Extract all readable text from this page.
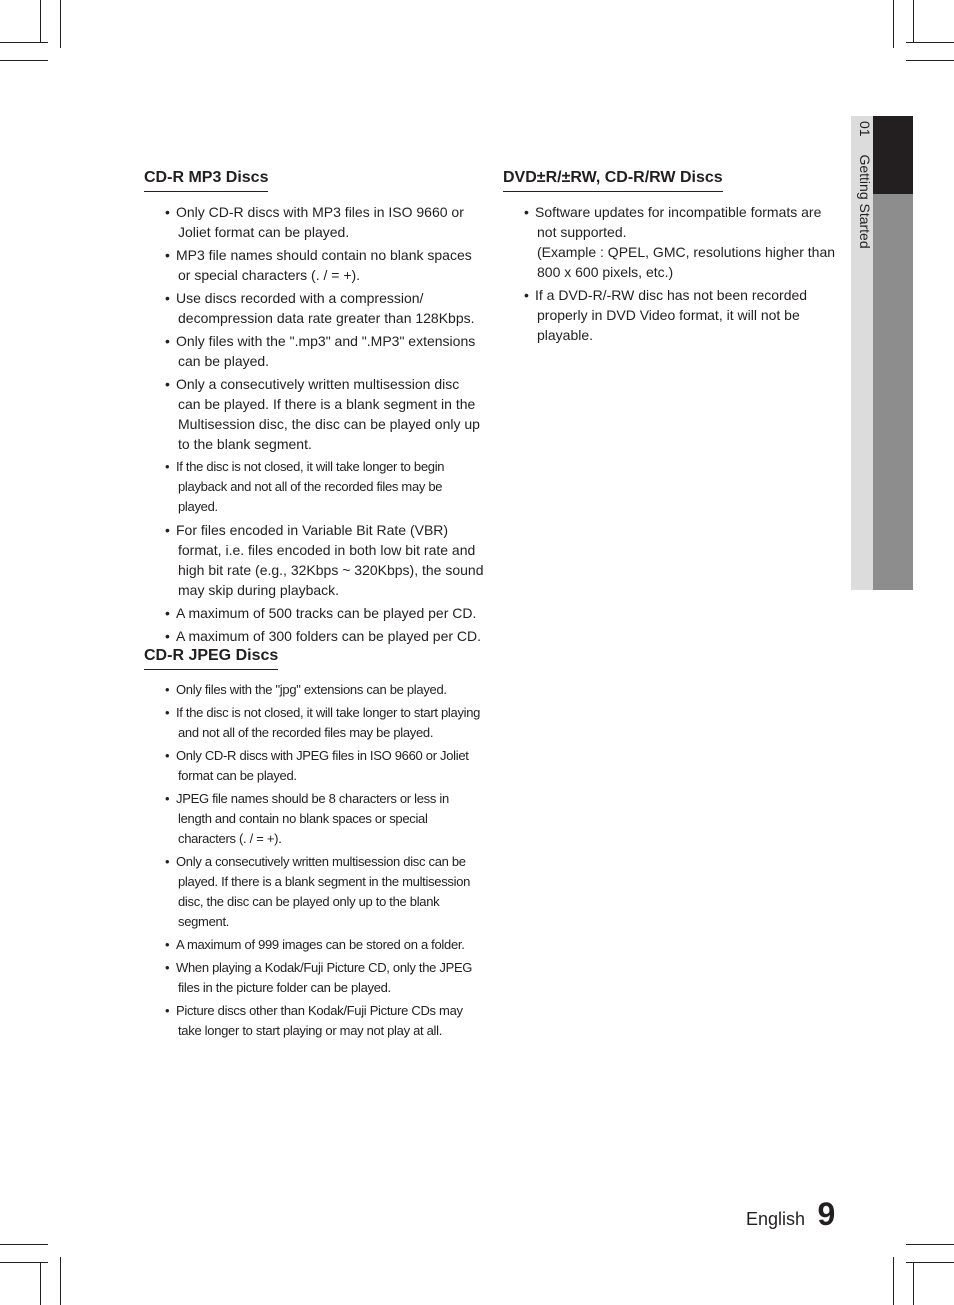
01 Getting Started
CD-R MP3 Discs
• Only CD-R discs with MP3 files in ISO 9660 or Joliet format can be played.
• MP3 file names should contain no blank spaces or special characters (. / = +).
• Use discs recorded with a compression/ decompression data rate greater than 128Kbps.
• Only files with the ".mp3" and ".MP3" extensions can be played.
• Only a consecutively written multisession disc can be played. If there is a blank segment in the Multisession disc, the disc can be played only up to the blank segment.
• If the disc is not closed, it will take longer to begin playback and not all of the recorded files may be played.
• For files encoded in Variable Bit Rate (VBR) format, i.e. files encoded in both low bit rate and high bit rate (e.g., 32Kbps ~ 320Kbps), the sound may skip during playback.
• A maximum of 500 tracks can be played per CD.
• A maximum of 300 folders can be played per CD.
CD-R JPEG Discs
• Only files with the "jpg" extensions can be played.
• If the disc is not closed, it will take longer to start playing and not all of the recorded files may be played.
• Only CD-R discs with JPEG files in ISO 9660 or Joliet format can be played.
• JPEG file names should be 8 characters or less in length and contain no blank spaces or special characters (. / = +).
• Only a consecutively written multisession disc can be played. If there is a blank segment in the multisession disc, the disc can be played only up to the blank segment.
• A maximum of 999 images can be stored on a folder.
• When playing a Kodak/Fuji Picture CD, only the JPEG files in the picture folder can be played.
• Picture discs other than Kodak/Fuji Picture CDs may take longer to start playing or may not play at all.
DVD±R/±RW, CD-R/RW Discs
• Software updates for incompatible formats are not supported.
(Example : QPEL, GMC, resolutions higher than 800 x 600 pixels, etc.)
• If a DVD-R/-RW disc has not been recorded properly in DVD Video format, it will not be playable.
English 9
